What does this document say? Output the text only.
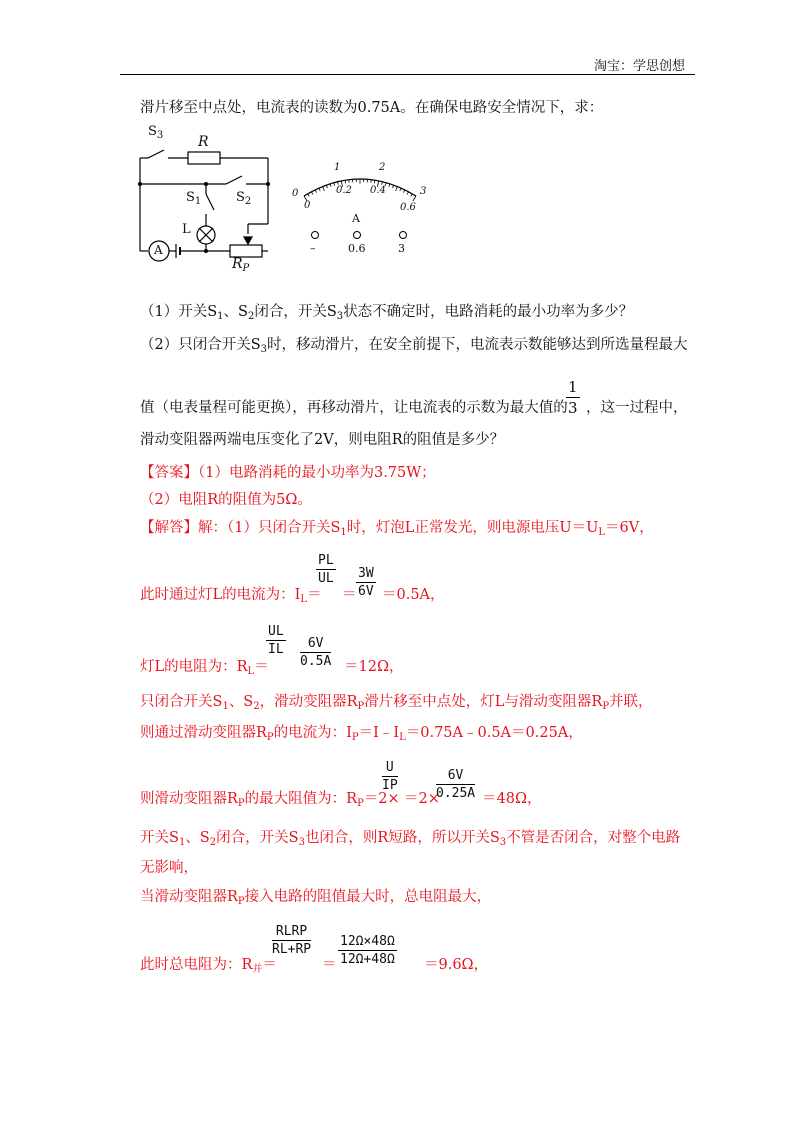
淘宝：学思创想
滑片移至中点处，电流表的读数为0.75A。在确保电路安全情况下，求：
$S_3$ R
$S_1$	$S_2$
L
A
$R_P$
0
1	2
3
0
0.2 0.4
0.6
A
–	0.6	3
（1）开关$S_1$、$S_2$闭合，开关$S_3$状态不确定时，电路消耗的最小功率为多少？
（2）只闭合开关$S_3$时，移动滑片，在安全前提下，电流表示数能够达到所选量程最大
值（电表量程可能更换），再移动滑片，让电流表的示数为最大值的
$\frac{1}{3}$ ，这一过程中，
滑动变阻器两端电压变化了2V，则电阻R的阻值是多少？
【答案】（1）电路消耗的最小功率为3.75W；
（2）电阻R的阻值为5Ω。
【解答】解：（1）只闭合开关$S_1$时，灯泡L正常发光，则电源电压$U=U_L=6V$，
此时通过灯L的电流为：$I_L=$
$\frac{PL}{UL}$
＝ $\frac{3W}{6V} =0.5A$，
灯L的电阻为：$R_L=$
$\frac{UL}{IL} \frac{6V}{0.5A} =12\Omega$，
只闭合开关$S_1$、$S_2$，滑动变阻器$R_P$滑片移至中点处，灯L与滑动变阻器$R_P$并联，
则通过滑动变阻器$R_P$的电流为：$I_P=I﹣I_L=0.75A﹣0.5A=0.25A$，
则滑动变阻器$R_P$的最大阻值为：$R_P=2\times$
$\frac{U}{IP}$
＝2×
$\frac{6V}{0.25A} =48\Omega$，
开关$S_1$、$S_2$闭合，开关$S_3$也闭合，则R短路，所以开关$S_3$不管是否闭合，对整个电路
无影响，
当滑动变阻器$R_P$接入电路的阻值最大时，总电阻最大，
此时总电阻为：$R_并=$
RLRP
RL+RP
＝ $\frac{12\Omega\times 48\Omega}{12\Omega+48\Omega} =9.6\Omega$，
